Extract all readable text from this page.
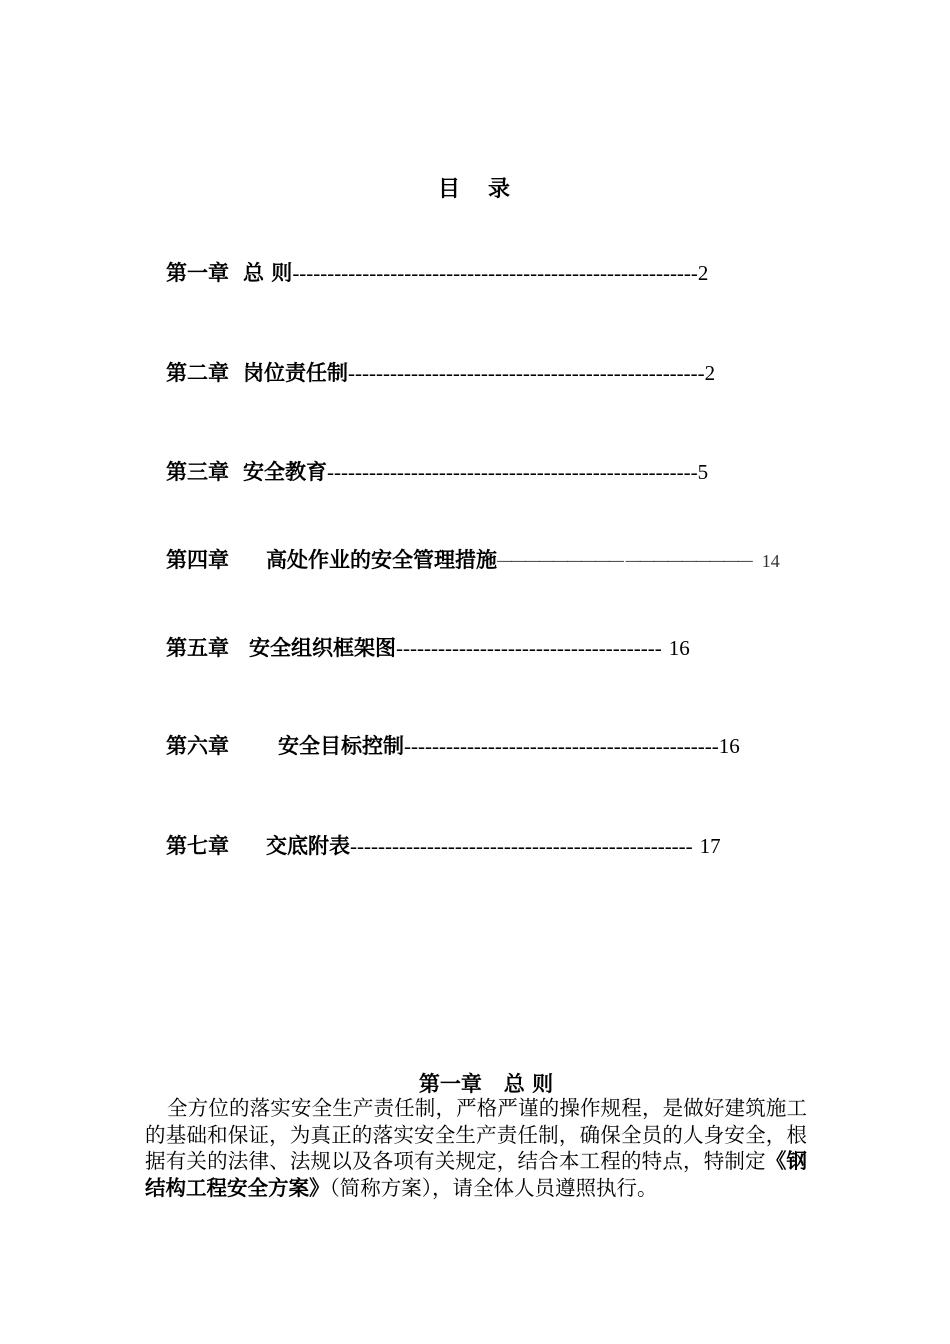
目 录
第一章 总 则----------------------------------------------------------2
第二章 岗位责任制---------------------------------------------------2
第三章 安全教育-----------------------------------------------------5
第四章 高处作业的安全管理措施————————— ————————— 14
第五章 安全组织框架图-------------------------------------- 16
第六章 安全目标控制---------------------------------------------16
第七章 交底附表------------------------------------------------- 17
第一章   总 则
全方位的落实安全生产责任制，严格严谨的操作规程，是做好建筑施工的基础和保证，为真正的落实安全生产责任制，确保全员的人身安全，根据有关的法律、法规以及各项有关规定，结合本工程的特点，特制定《钢结构工程安全方案》（简称方案），请全体人员遵照执行。
